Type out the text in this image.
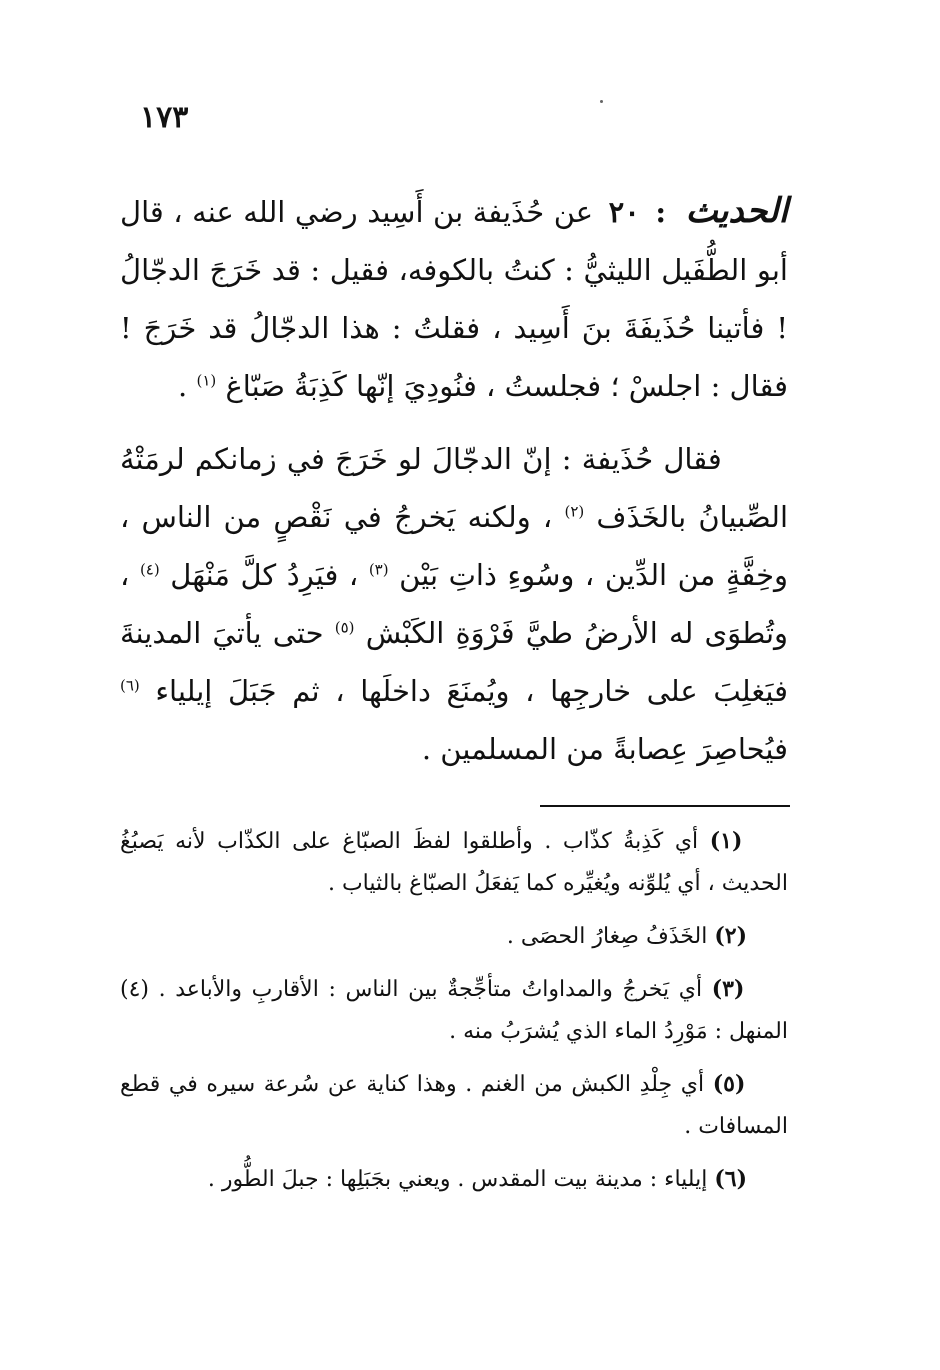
١٧٣
الحديث : ٢٠ عن حُذَيفة بن أَسِيد رضي الله عنه ، قال أبو الطُّفَيل الليثيُّ : كنتُ بالكوفه، فقيل : قد خَرَجَ الدجّالُ ! فأتينا حُذَيفَةَ بنَ أَسِيد ، فقلتُ : هذا الدجّالُ قد خَرَجَ ! فقال : اجلسْ ؛ فجلستُ ، فنُودِيَ إنّها كَذِبَةُ صَبّاغ $^{(١)}$ .
فقال حُذَيفة : إنّ الدجّالَ لو خَرَجَ في زمانكم لرمَتْهُ الصِّبيانُ بالخَذَف $^{(٢)}$ ، ولكنه يَخرجُ في نَقْصٍ من الناس ، وخِفَّةٍ من الدِّين ، وسُوءِ ذاتِ بَيْن $^{(٣)}$ ، فيَرِدُ كلَّ مَنْهَل $^{(٤)}$ ، وتُطوَى له الأرضُ طيَّ فَرْوَةِ الكَبْش $^{(٥)}$ حتى يأتيَ المدينةَ فيَغلِبَ على خارجِها ، ويُمنَعَ داخلَها ، ثم جَبَلَ إيلياء $^{(٦)}$ فيُحاصِرَ عِصابةً من المسلمين .

(١) أي كَذِبةُ كذّاب . وأطلقوا لفظَ الصبّاغ على الكذّاب لأنه يَصبُغُ الحديث ، أي يُلوِّنه ويُغيِّره كما يَفعَلُ الصبّاغ بالثياب .

(٢) الخَذَفُ صِغارُ الحصَى .

(٣) أي يَخرجُ والمداواتُ متأجِّجةٌ بين الناس : الأقاربِ والأباعد . (٤) المنهل : مَوْرِدُ الماء الذي يُشرَبُ منه .

(٥) أي جِلْدِ الكبش من الغنم . وهذا كناية عن سُرعة سيره في قطع المسافات .

(٦) إيلياء : مدينة بيت المقدس . ويعني بجَبَلِها : جبلَ الطُّور .
